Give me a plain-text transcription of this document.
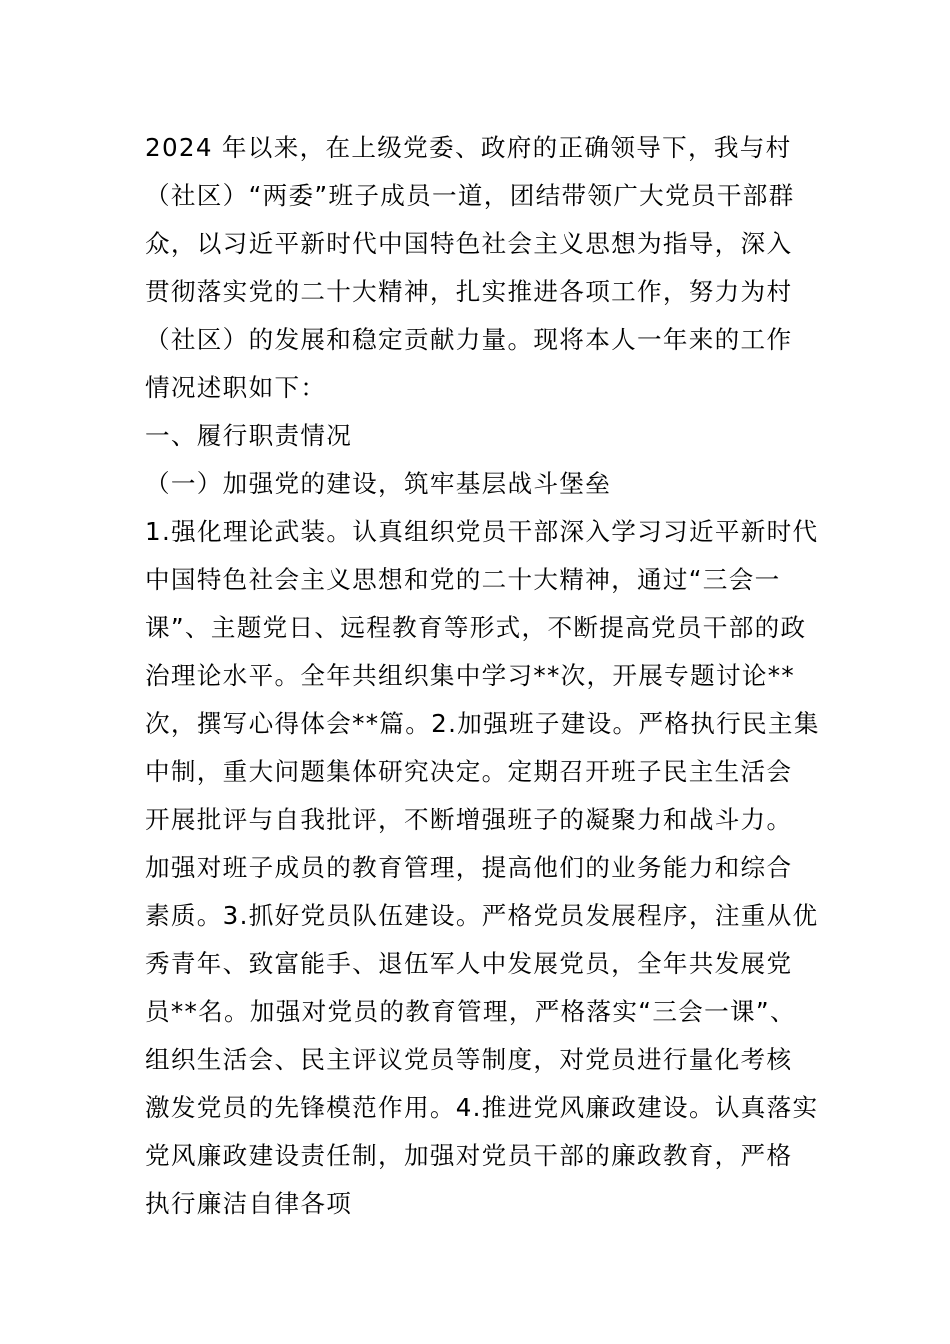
2024 年以来，在上级党委、政府的正确领导下，我与村
（社区）“两委”班子成员一道，团结带领广大党员干部群
众，以习近平新时代中国特色社会主义思想为指导，深入
贯彻落实党的二十大精神，扎实推进各项工作，努力为村
（社区）的发展和稳定贡献力量。现将本人一年来的工作
情况述职如下：
一、履行职责情况
（一）加强党的建设，筑牢基层战斗堡垒
1.强化理论武装。认真组织党员干部深入学习习近平新时代
中国特色社会主义思想和党的二十大精神，通过“三会一
课”、主题党日、远程教育等形式，不断提高党员干部的政
治理论水平。全年共组织集中学习**次，开展专题讨论**
次，撰写心得体会**篇。2.加强班子建设。严格执行民主集
中制，重大问题集体研究决定。定期召开班子民主生活会
开展批评与自我批评，不断增强班子的凝聚力和战斗力。
加强对班子成员的教育管理，提高他们的业务能力和综合
素质。3.抓好党员队伍建设。严格党员发展程序，注重从优
秀青年、致富能手、退伍军人中发展党员，全年共发展党
员**名。加强对党员的教育管理，严格落实“三会一课”、
组织生活会、民主评议党员等制度，对党员进行量化考核
激发党员的先锋模范作用。4.推进党风廉政建设。认真落实
党风廉政建设责任制，加强对党员干部的廉政教育，严格
执行廉洁自律各项
